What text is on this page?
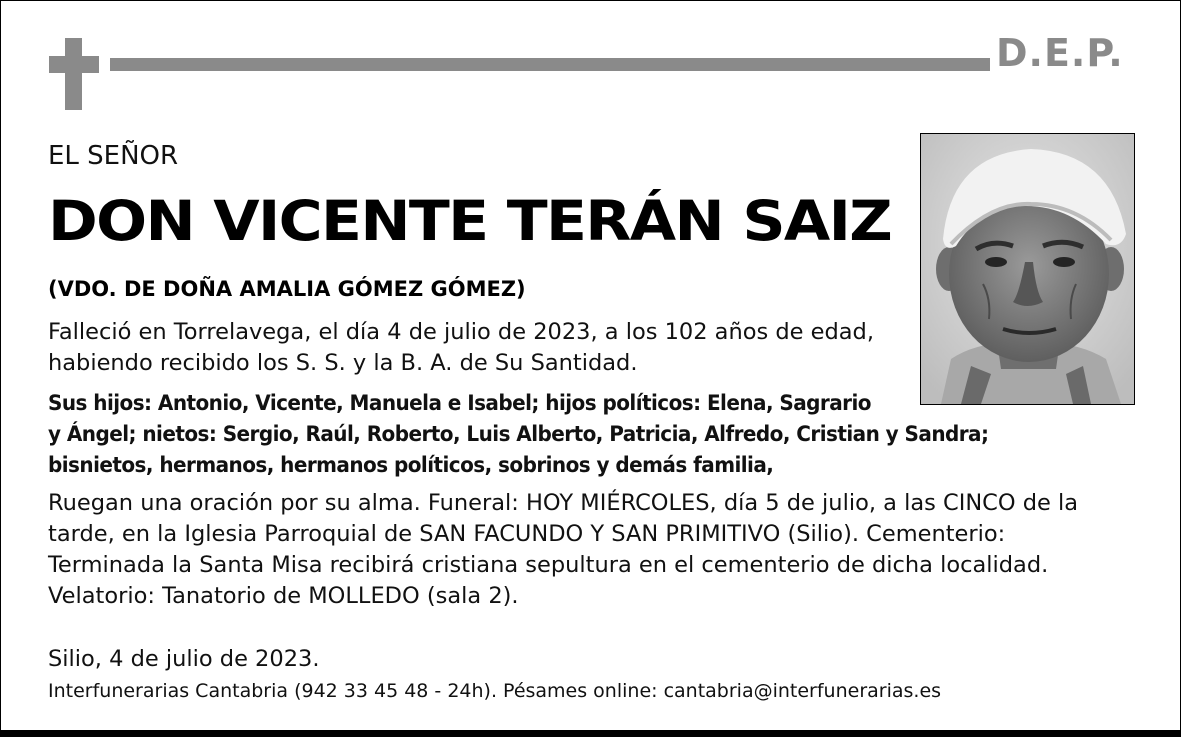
D.E.P.
EL SEÑOR
DON VICENTE TERÁN SAIZ
(VDO. DE DOÑA AMALIA GÓMEZ GÓMEZ)
Falleció en Torrelavega, el día 4 de julio de 2023, a los 102 años de edad,
habiendo recibido los S. S. y la B. A. de Su Santidad.
Sus hijos: Antonio, Vicente, Manuela e Isabel; hijos políticos: Elena, Sagrario
y Ángel; nietos: Sergio, Raúl, Roberto, Luis Alberto, Patricia, Alfredo, Cristian y Sandra;
bisnietos, hermanos, hermanos políticos, sobrinos y demás familia,
Ruegan una oración por su alma. Funeral: HOY MIÉRCOLES, día 5 de julio, a las CINCO de la
tarde, en la Iglesia Parroquial de SAN FACUNDO Y SAN PRIMITIVO (Silio). Cementerio:
Terminada la Santa Misa recibirá cristiana sepultura en el cementerio de dicha localidad.
Velatorio: Tanatorio de MOLLEDO (sala 2).
Silio, 4 de julio de 2023.
Interfunerarias Cantabria (942 33 45 48 - 24h). Pésames online: cantabria@interfunerarias.es
